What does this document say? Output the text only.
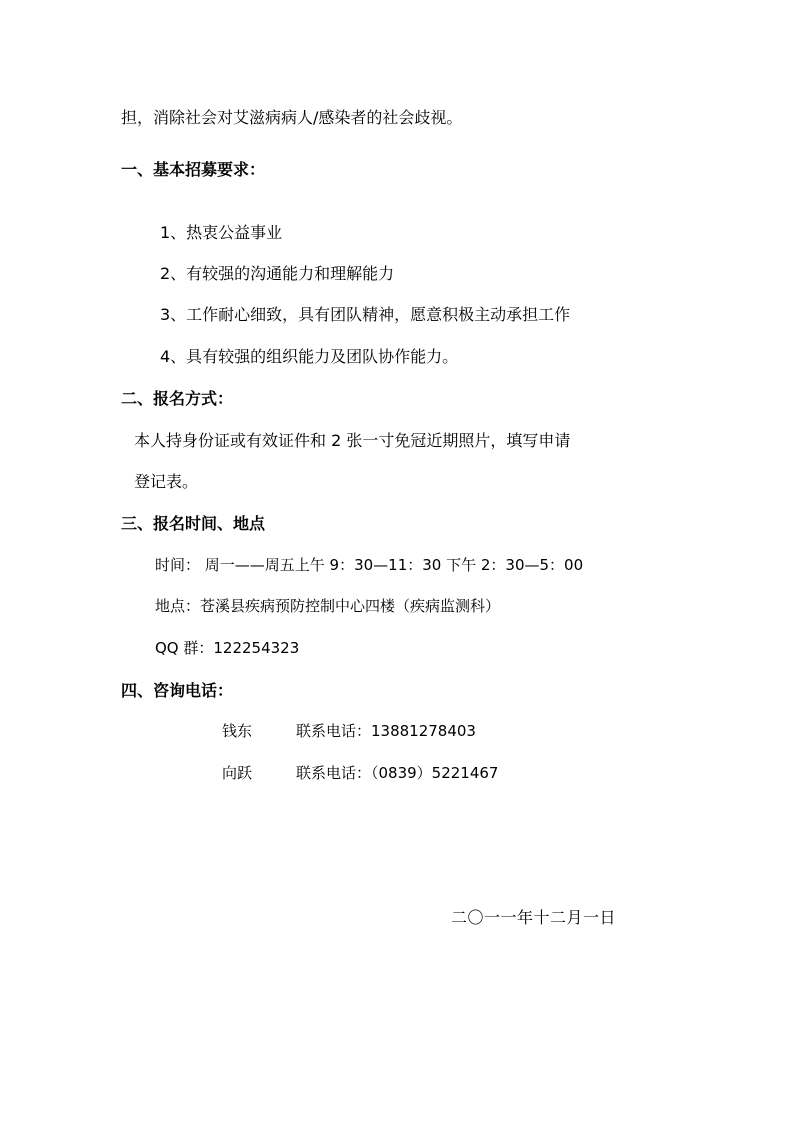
担，消除社会对艾滋病病人/感染者的社会歧视。
一、基本招募要求：
1、热衷公益事业
2、有较强的沟通能力和理解能力
3、工作耐心细致，具有团队精神，愿意积极主动承担工作
4、具有较强的组织能力及团队协作能力。
二、报名方式：
本人持身份证或有效证件和 2 张一寸免冠近期照片，填写申请
登记表。
三、报名时间、地点
时间： 周一——周五上午 9：30—11：30 下午 2：30—5：00
地点：苍溪县疾病预防控制中心四楼（疾病监测科）
QQ 群：122254323
四、咨询电话：
钱东	联系电话：13881278403
向跃	联系电话：（0839）5221467
二〇一一年十二月一日
